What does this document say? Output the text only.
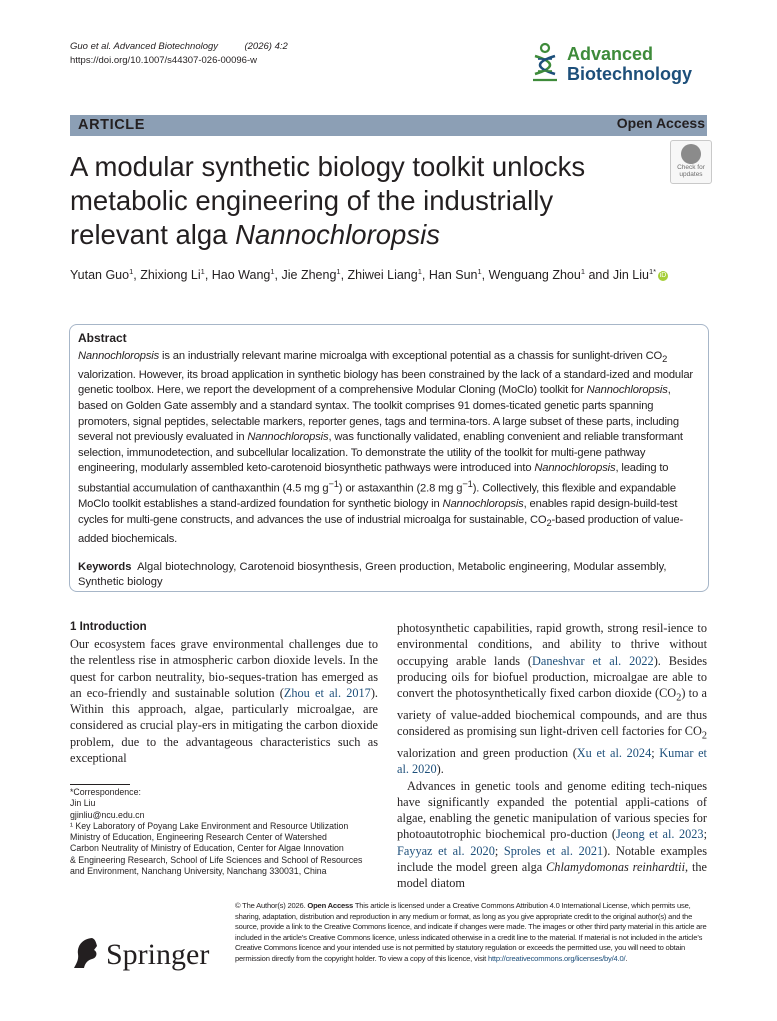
Guo et al. Advanced Biotechnology	(2026) 4:2
https://doi.org/10.1007/s44307-026-00096-w	Advanced
Biotechnology
ARTICLE	Open Access
A modular synthetic biology toolkit unlocks metabolic engineering of the industrially relevant alga Nannochloropsis
Check for
updates
Yutan Guo$^1$, Zhixiong Li$^1$, Hao Wang$^1$, Jie Zheng$^1$, Zhiwei Liang$^1$, Han Sun$^1$, Wenguang Zhou$^1$ and Jin Liu$^{1*}$ iD
Abstract
Nannochloropsis is an industrially relevant marine microalga with exceptional potential as a chassis for sunlight-driven $CO_2$ valorization. However, its broad application in synthetic biology has been constrained by the lack of a standard-ized and modular genetic toolbox. Here, we report the development of a comprehensive Modular Cloning (MoClo) toolkit for Nannochloropsis, based on Golden Gate assembly and a standard syntax. The toolkit comprises 91 domes-ticated genetic parts spanning promoters, signal peptides, selectable markers, reporter genes, tags and termina-tors. A large subset of these parts, including several not previously evaluated in Nannochloropsis, was functionally validated, enabling convenient and reliable transformant selection, immunodetection, and subcellular localization. To demonstrate the utility of the toolkit for multi-gene pathway engineering, modularly assembled keto-carotenoid biosynthetic pathways were introduced into Nannochloropsis, leading to substantial accumulation of canthaxanthin (4.5 mg $g^{-1}$) or astaxanthin (2.8 mg $g^{-1}$). Collectively, this flexible and expandable MoClo toolkit establishes a stand-ardized foundation for synthetic biology in Nannochloropsis, enables rapid design-build-test cycles for multi-gene constructs, and advances the use of industrial microalga for sustainable, $CO_2$-based production of value-added biochemicals.
Keywords Algal biotechnology, Carotenoid biosynthesis, Green production, Metabolic engineering, Modular assembly, Synthetic biology
1 Introduction
Our ecosystem faces grave environmental challenges due to the relentless rise in atmospheric carbon dioxide levels. In the quest for carbon neutrality, bio-seques-tration has emerged as an eco-friendly and sustainable solution (Zhou et al. 2017). Within this approach, algae, particularly microalgae, are considered as crucial play-ers in mitigating the carbon dioxide problem, due to the advantageous characteristics such as exceptional

photosynthetic capabilities, rapid growth, strong resil-ience to environmental conditions, and ability to thrive without occupying arable lands (Daneshvar et al. 2022). Besides producing oils for biofuel production, microalgae are able to convert the photosynthetically fixed carbon dioxide $(CO_2)$ to a variety of value-added biochemical compounds, and are thus considered as promising sun light-driven cell factories for $CO_2$ valorization and green production (Xu et al. 2024; Kumar et al. 2020).

Advances in genetic tools and genome editing tech-niques have significantly expanded the potential appli-cations of algae, enabling the genetic manipulation of various species for photoautotrophic biochemical pro-duction (Jeong et al. 2023; Fayyaz et al. 2020; Sproles et al. 2021). Notable examples include the model green alga Chlamydomonas reinhardtii, the model diatom

*Correspondence:
Jin Liu
gjinliu@ncu.edu.cn
¹ Key Laboratory of Poyang Lake Environment and Resource Utilization
Ministry of Education, Engineering Research Center of Watershed
Carbon Neutrality of Ministry of Education, Center for Algae Innovation
& Engineering Research, School of Life Sciences and School of Resources
and Environment, Nanchang University, Nanchang 330031, China
Springer
© The Author(s) 2026. Open Access This article is licensed under a Creative Commons Attribution 4.0 International License, which permits use, sharing, adaptation, distribution and reproduction in any medium or format, as long as you give appropriate credit to the original author(s) and the source, provide a link to the Creative Commons licence, and indicate if changes were made. The images or other third party material in this article are included in the article’s Creative Commons licence, unless indicated otherwise in a credit line to the material. If material is not included in the article’s Creative Commons licence and your intended use is not permitted by statutory regulation or exceeds the permitted use, you will need to obtain permission directly from the copyright holder. To view a copy of this licence, visit http://creativecommons.org/licenses/by/4.0/.
